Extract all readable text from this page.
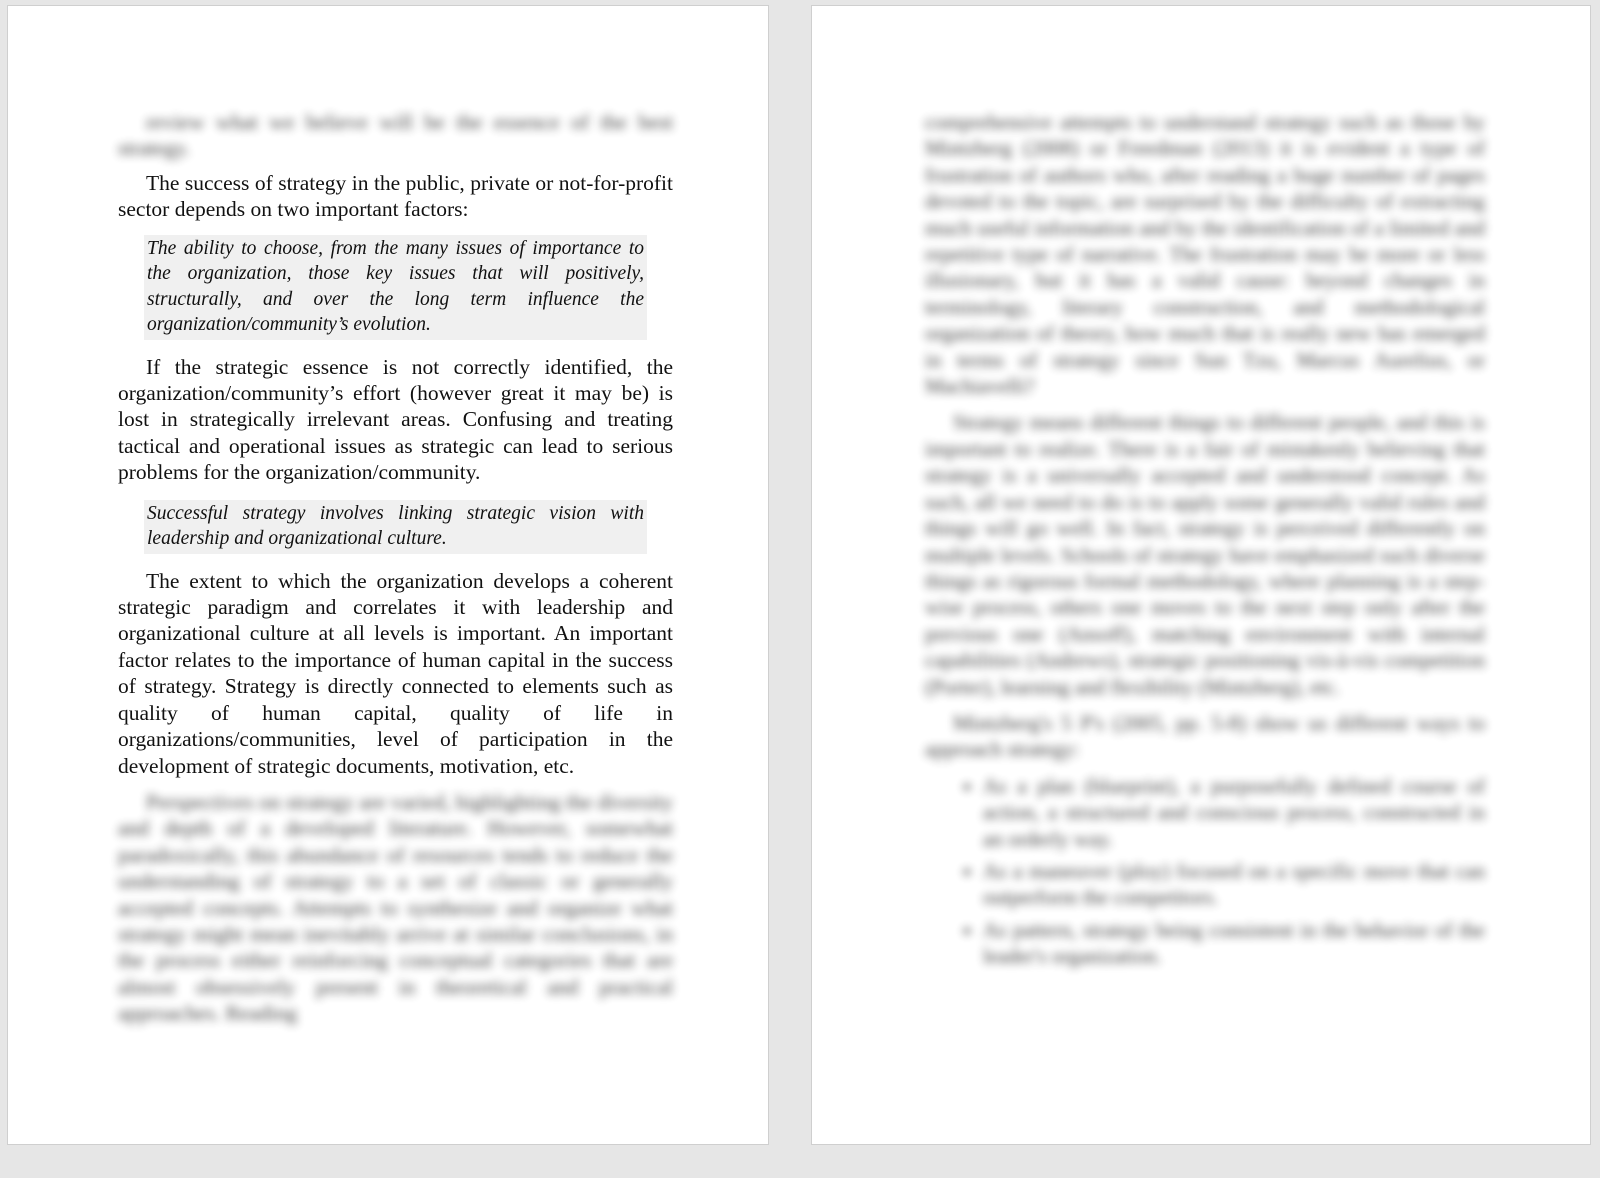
review what we believe will be the essence of the best strategy.

The success of strategy in the public, private or not-for-profit sector depends on two important factors:

The ability to choose, from the many issues of importance to the organization, those key issues that will positively, structurally, and over the long term influence the organization/community’s evolution.

If the strategic essence is not correctly identified, the organization/community’s effort (however great it may be) is lost in strategically irrelevant areas. Confusing and treating tactical and operational issues as strategic can lead to serious problems for the organization/community.

Successful strategy involves linking strategic vision with leadership and organizational culture.

The extent to which the organization develops a coherent strategic paradigm and correlates it with leadership and organizational culture at all levels is important. An important factor relates to the importance of human capital in the success of strategy. Strategy is directly connected to elements such as quality of human capital, quality of life in organizations/communities, level of participation in the development of strategic documents, motivation, etc.

Perspectives on strategy are varied, highlighting the diversity and depth of a developed literature. However, somewhat paradoxically, this abundance of resources tends to reduce the understanding of strategy to a set of classic or generally accepted concepts. Attempts to synthesize and organize what strategy might mean inevitably arrive at similar conclusions, in the process either reinforcing conceptual categories that are almost obsessively present in theoretical and practical approaches. Reading

comprehensive attempts to understand strategy such as those by Mintzberg (2008) or Freedman (2013) it is evident a type of frustration of authors who, after reading a huge number of pages devoted to the topic, are surprised by the difficulty of extracting much useful information and by the identification of a limited and repetitive type of narrative. The frustration may be more or less illusionary, but it has a valid cause: beyond changes in terminology, literary construction, and methodological organization of theory, how much that is really new has emerged in terms of strategy since Sun Tzu, Marcus Aurelius, or Machiavelli?

Strategy means different things to different people, and this is important to realize. There is a fair of mistakenly believing that strategy is a universally accepted and understood concept. As such, all we need to do is to apply some generally valid rules and things will go well. In fact, strategy is perceived differently on multiple levels. Schools of strategy have emphasized such diverse things as rigorous formal methodology, where planning is a step-wise process, others one moves to the next step only after the previous one (Ansoff), matching environment with internal capabilities (Andrews), strategic positioning vis-à-vis competition (Porter), learning and flexibility (Mintzberg), etc.

Mintzberg's 5 P's (2005, pp. 5-8) show us different ways to approach strategy:

• As a plan (blueprint), a purposefully defined course of action, a structured and conscious process, constructed in an orderly way.
• As a maneuver (ploy) focused on a specific move that can outperform the competitors.
• As pattern, strategy being consistent in the behavior of the leader's organization.
